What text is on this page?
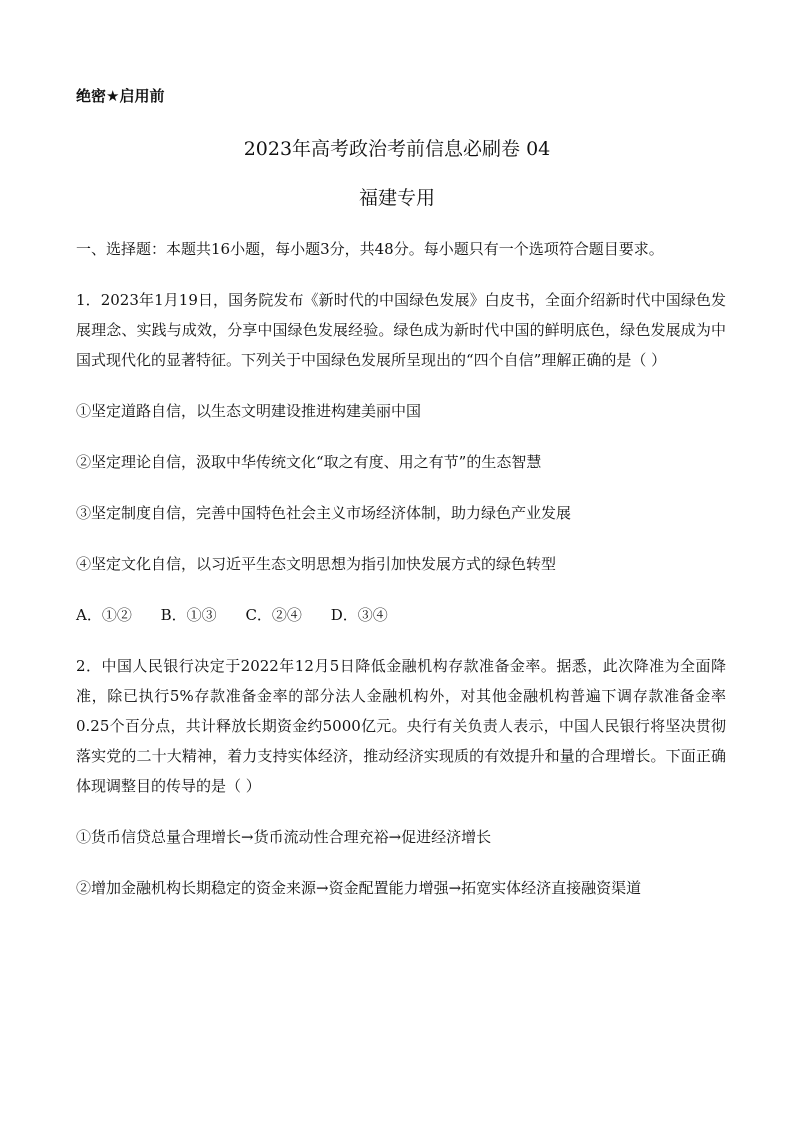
绝密★启用前
2023年高考政治考前信息必刷卷 04
福建专用

一、选择题：本题共16小题，每小题3分，共48分。每小题只有一个选项符合题目要求。

1．2023年1月19日，国务院发布《新时代的中国绿色发展》白皮书，全面介绍新时代中国绿色发展理念、实践与成效，分享中国绿色发展经验。绿色成为新时代中国的鲜明底色，绿色发展成为中国式现代化的显著特征。下列关于中国绿色发展所呈现出的“四个自信”理解正确的是（ ）

①坚定道路自信，以生态文明建设推进构建美丽中国

②坚定理论自信，汲取中华传统文化“取之有度、用之有节”的生态智慧

③坚定制度自信，完善中国特色社会主义市场经济体制，助力绿色产业发展

④坚定文化自信，以习近平生态文明思想为指引加快发展方式的绿色转型

A．①② B．①③ C．②④ D．③④

2．中国人民银行决定于2022年12月5日降低金融机构存款准备金率。据悉，此次降准为全面降准，除已执行5%存款准备金率的部分法人金融机构外，对其他金融机构普遍下调存款准备金率0.25个百分点，共计释放长期资金约5000亿元。央行有关负责人表示，中国人民银行将坚决贯彻落实党的二十大精神，着力支持实体经济，推动经济实现质的有效提升和量的合理增长。下面正确体现调整目的传导的是（ ）

①货币信贷总量合理增长→货币流动性合理充裕→促进经济增长

②增加金融机构长期稳定的资金来源→资金配置能力增强→拓宽实体经济直接融资渠道
